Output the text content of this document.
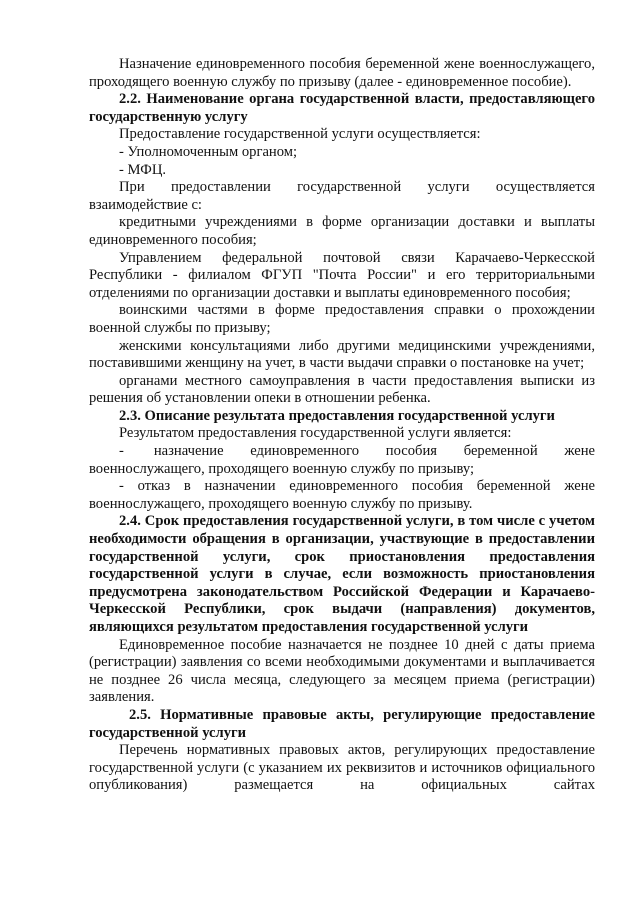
Назначение единовременного пособия беременной жене военнослужащего, проходящего военную службу по призыву (далее - единовременное пособие).

2.2. Наименование органа государственной власти, предоставляющего государственную услугу

Предоставление государственной услуги осуществляется:

- Уполномоченным органом;

- МФЦ.

При предоставлении государственной услуги осуществляется взаимодействие с:

кредитными учреждениями в форме организации доставки и выплаты единовременного пособия;

Управлением федеральной почтовой связи Карачаево-Черкесской Республики - филиалом ФГУП "Почта России" и его территориальными отделениями по организации доставки и выплаты единовременного пособия;

воинскими частями в форме предоставления справки о прохождении военной службы по призыву;

женскими консультациями либо другими медицинскими учреждениями, поставившими женщину на учет, в части выдачи справки о постановке на учет;

органами местного самоуправления в части предоставления выписки из решения об установлении опеки в отношении ребенка.

2.3. Описание результата предоставления государственной услуги

Результатом предоставления государственной услуги является:

- назначение единовременного пособия беременной жене военнослужащего, проходящего военную службу по призыву;

- отказ в назначении единовременного пособия беременной жене военнослужащего, проходящего военную службу по призыву.

2.4. Срок предоставления государственной услуги, в том числе с учетом необходимости обращения в организации, участвующие в предоставлении государственной услуги, срок приостановления предоставления государственной услуги в случае, если возможность приостановления предусмотрена законодательством Российской Федерации и Карачаево-Черкесской Республики, срок выдачи (направления) документов, являющихся результатом предоставления государственной услуги

Единовременное пособие назначается не позднее 10 дней с даты приема (регистрации) заявления со всеми необходимыми документами и выплачивается не позднее 26 числа месяца, следующего за месяцем приема (регистрации) заявления.

2.5. Нормативные правовые акты, регулирующие предоставление государственной услуги

Перечень нормативных правовых актов, регулирующих предоставление государственной услуги (с указанием их реквизитов и источников официального опубликования) размещается на официальных сайтах
